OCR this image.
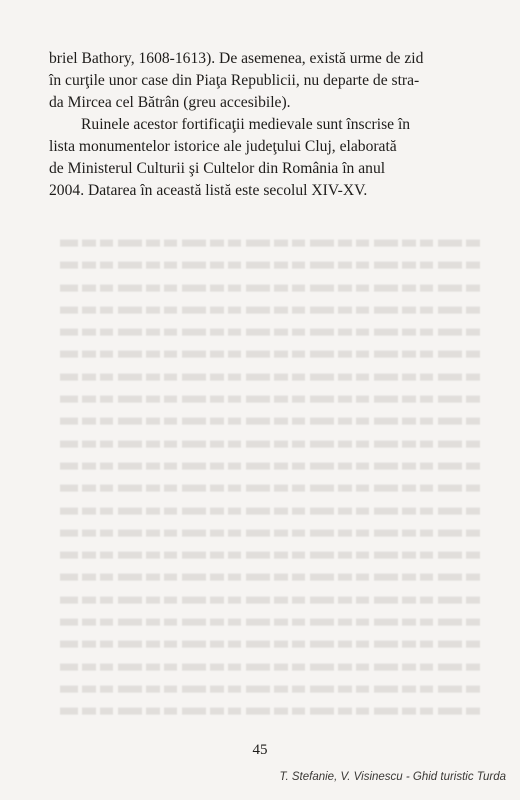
briel Bathory, 1608-1613). De asemenea, există urme de zid
în curţile unor case din Piaţa Republicii, nu departe de stra-
da Mircea cel Bătrân (greu accesibile).

Ruinele acestor fortificaţii medievale sunt înscrise în
lista monumentelor istorice ale judeţului Cluj, elaborată
de Ministerul Culturii şi Cultelor din România în anul
2004. Datarea în această listă este secolul XIV-XV.

45
T. Stefanie, V. Visinescu - Ghid turistic Turda
